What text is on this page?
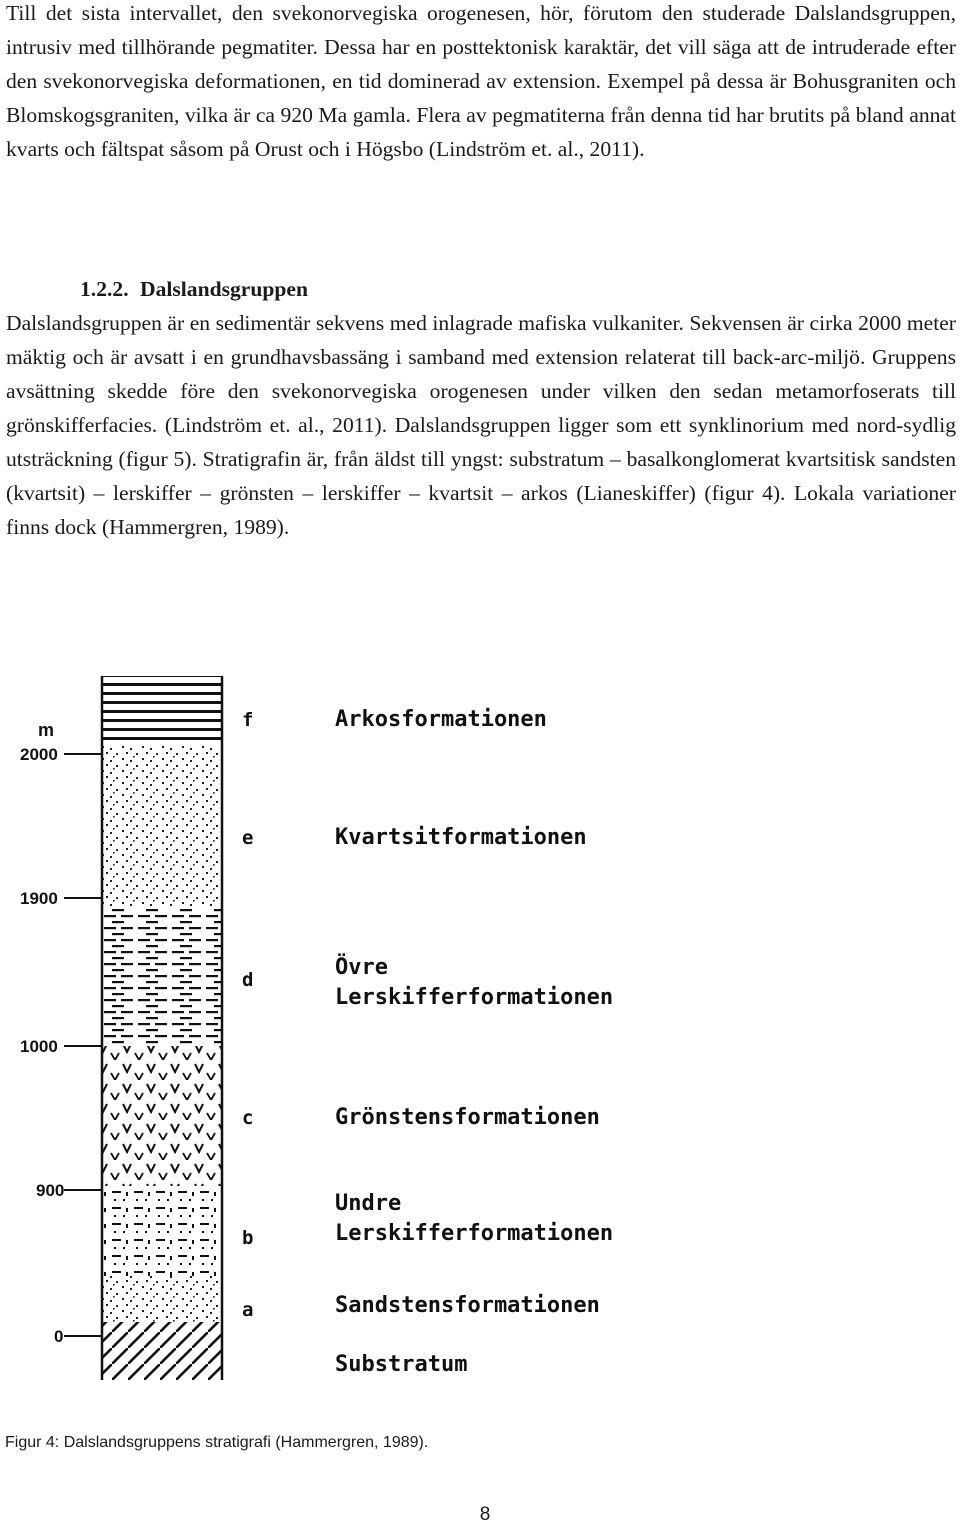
Till det sista intervallet, den svekonorvegiska orogenesen, hör, förutom den studerade Dalslandsgruppen, intrusiv med tillhörande pegmatiter. Dessa har en posttektonisk karaktär, det vill säga att de intruderade efter den svekonorvegiska deformationen, en tid dominerad av extension. Exempel på dessa är Bohusgraniten och Blomskogsgraniten, vilka är ca 920 Ma gamla. Flera av pegmatiterna från denna tid har brutits på bland annat kvarts och fältspat såsom på Orust och i Högsbo (Lindström et. al., 2011).

1.2.2. Dalslandsgruppen

Dalslandsgruppen är en sedimentär sekvens med inlagrade mafiska vulkaniter. Sekvensen är cirka 2000 meter mäktig och är avsatt i en grundhavsbassäng i samband med extension relaterat till back-arc-miljö. Gruppens avsättning skedde före den svekonorvegiska orogenesen under vilken den sedan metamorfoserats till grönskifferfacies. (Lindström et. al., 2011). Dalslandsgruppen ligger som ett synklinorium med nord-sydlig utsträckning (figur 5). Stratigrafin är, från äldst till yngst: substratum – basalkonglomerat kvartsitisk sandsten (kvartsit) – lerskiffer – grönsten – lerskiffer – kvartsit – arkos (Lianeskiffer) (figur 4). Lokala variationer finns dock (Hammergren, 1989).

m
2000
1900
1000
900
0
f
e
d
c
b
a
Arkosformationen
Kvartsitformationen
Övre
Lerskifferformationen
Grönstensformationen
Undre
Lerskifferformationen
Sandstensformationen
Substratum

Figur 4: Dalslandsgruppens stratigrafi (Hammergren, 1989).

8
